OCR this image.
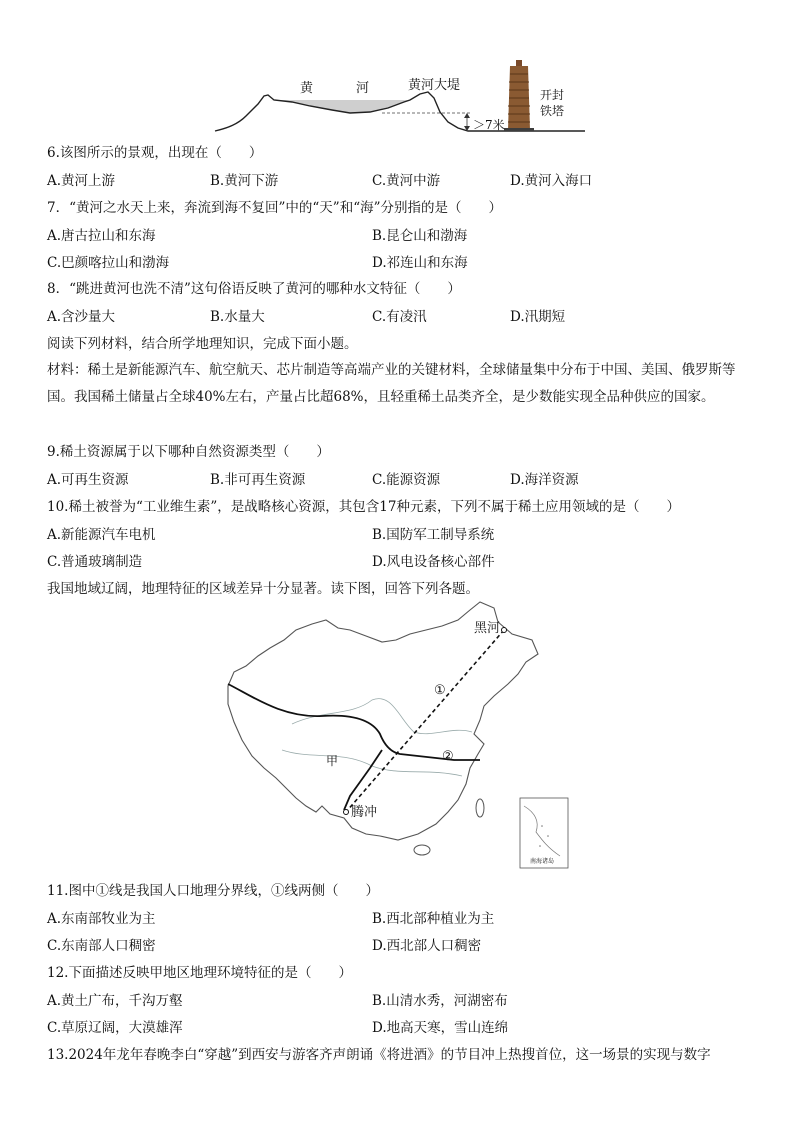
黄	河	黄河大堤
开封
铁塔
＞7米
6.该图所示的景观，出现在（　　）
A.黄河上游	B.黄河下游	C.黄河中游	D.黄河入海口
7．“黄河之水天上来，奔流到海不复回”中的“天”和“海”分别指的是（　　）
A.唐古拉山和东海	B.昆仑山和渤海
C.巴颜喀拉山和渤海	D.祁连山和东海
8．“跳进黄河也洗不清”这句俗语反映了黄河的哪种水文特征（　　）
A.含沙量大	B.水量大	C.有凌汛	D.汛期短
阅读下列材料，结合所学地理知识，完成下面小题。
材料：稀土是新能源汽车、航空航天、芯片制造等高端产业的关键材料，全球储量集中分布于中国、美国、俄罗斯等国。我国稀土储量占全球40%左右，产量占比超68%，且轻重稀土品类齐全，是少数能实现全品种供应的国家。
9.稀土资源属于以下哪种自然资源类型（　　）
A.可再生资源	B.非可再生资源	C.能源资源	D.海洋资源
10.稀土被誉为“工业维生素”，是战略核心资源，其包含17种元素，下列不属于稀土应用领域的是（　　）
A.新能源汽车电机	B.国防军工制导系统
C.普通玻璃制造	D.风电设备核心部件
我国地域辽阔，地理特征的区域差异十分显著。读下图，回答下列各题。
黑河
①
②
甲
腾冲
南海诸岛
11.图中①线是我国人口地理分界线，①线两侧（　　）
A.东南部牧业为主	B.西北部种植业为主
C.东南部人口稠密	D.西北部人口稠密
12.下面描述反映甲地区地理环境特征的是（　　）
A.黄土广布，千沟万壑	B.山清水秀，河湖密布
C.草原辽阔，大漠雄浑	D.地高天寒，雪山连绵
13.2024年龙年春晚李白“穿越”到西安与游客齐声朗诵《将进酒》的节目冲上热搜首位，这一场景的实现与数字
